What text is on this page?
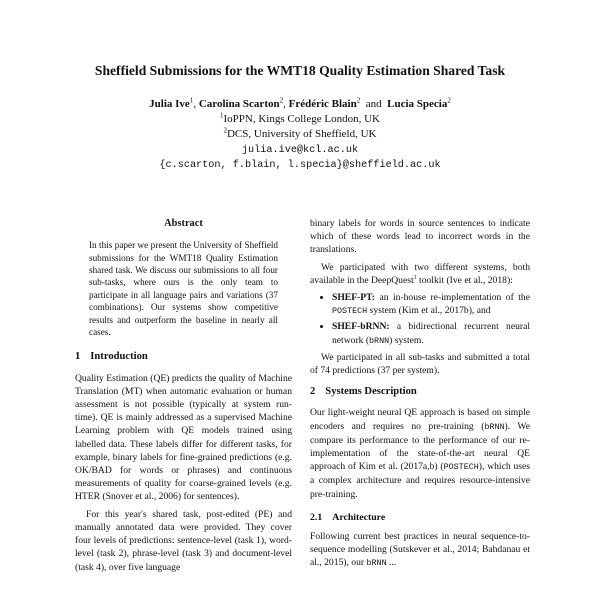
Sheffield Submissions for the WMT18 Quality Estimation Shared Task
Julia Ive$^1$, Carolina Scarton$^2$, Frédéric Blain$^2$ and Lucia Specia$^2$
$^1$IoPPN, Kings College London, UK
$^2$DCS, University of Sheffield, UK
julia.ive@kcl.ac.uk
{c.scarton, f.blain, l.specia}@sheffield.ac.uk
Abstract

In this paper we present the University of Sheffield submissions for the WMT18 Quality Estimation shared task. We discuss our submissions to all four sub-tasks, where ours is the only team to participate in all language pairs and variations (37 combinations). Our systems show competitive results and outperform the baseline in nearly all cases.

1 Introduction

Quality Estimation (QE) predicts the quality of Machine Translation (MT) when automatic evaluation or human assessment is not possible (typically at system run-time). QE is mainly addressed as a supervised Machine Learning problem with QE models trained using labelled data. These labels differ for different tasks, for example, binary labels for fine-grained predictions (e.g. OK/BAD for words or phrases) and continuous measurements of quality for coarse-grained levels (e.g. HTER (Snover et al., 2006) for sentences).

For this year's shared task, post-edited (PE) and manually annotated data were provided. They cover four levels of predictions: sentence-level (task 1), word-level (task 2), phrase-level (task 3) and document-level (task 4), over five language

binary labels for words in source sentences to indicate which of these words lead to incorrect words in the translations.

We participated with two different systems, both available in the DeepQuest$^1$ toolkit (Ive et al., 2018):

• SHEF-PT: an in-house re-implementation of the POSTECH system (Kim et al., 2017b), and
• SHEF-bRNN: a bidirectional recurrent neural network (bRNN) system.

We participated in all sub-tasks and submitted a total of 74 predictions (37 per system).

2 Systems Description

Our light-weight neural QE approach is based on simple encoders and requires no pre-training (bRNN). We compare its performance to the performance of our re-implementation of the state-of-the-art neural QE approach of Kim et al. (2017a,b) (POSTECH), which uses a complex architecture and requires resource-intensive pre-training.

2.1 Architecture

Following current best practices in neural sequence-to-sequence modelling (Sutskever et al., 2014; Bahdanau et al., 2015), our bRNN ...
